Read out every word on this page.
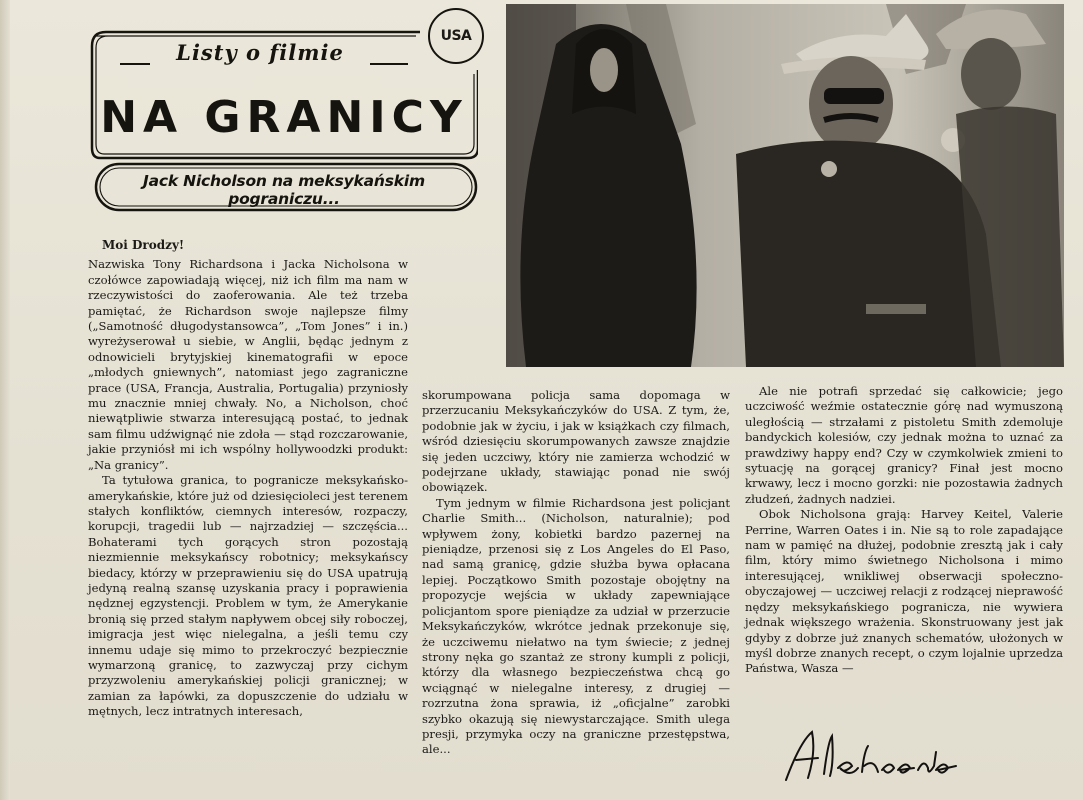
Listy o filmie
USA
NA GRANICY
Jack Nicholson na meksykańskim pograniczu...
Moi Drodzy!

Nazwiska Tony Richardsona i Jacka Nicholsona w czołówce zapowiadają więcej, niż ich film ma nam w rzeczywistości do zaoferowania. Ale też trzeba pamiętać, że Richardson swoje najlepsze filmy („Samotność długodystansowca”, „Tom Jones” i in.) wyreżyserował u siebie, w Anglii, będąc jednym z odnowicieli brytyjskiej kinematografii w epoce „młodych gniewnych”, natomiast jego zagraniczne prace (USA, Francja, Australia, Portugalia) przyniosły mu znacznie mniej chwały. No, a Nicholson, choć niewątpliwie stwarza interesującą postać, to jednak sam filmu udźwignąć nie zdoła — stąd rozczarowanie, jakie przyniósł mi ich wspólny hollywoodzki produkt: „Na granicy”.

Ta tytułowa granica, to pogranicze meksykańsko-amerykańskie, które już od dziesięcioleci jest terenem stałych konfliktów, ciemnych interesów, rozpaczy, korupcji, tragedii lub — najrzadziej — szczęścia... Bohaterami tych gorących stron pozostają niezmiennie meksykańscy robotnicy; meksykańscy biedacy, którzy w przeprawieniu się do USA upatrują jedyną realną szansę uzyskania pracy i poprawienia nędznej egzystencji. Problem w tym, że Amerykanie bronią się przed stałym napływem obcej siły roboczej, imigracja jest więc nielegalna, a jeśli temu czy innemu udaje się mimo to przekroczyć bezpiecznie wymarzoną granicę, to zazwyczaj przy cichym przyzwoleniu amerykańskiej policji granicznej; w zamian za łapówki, za dopuszczenie do udziału w mętnych, lecz intratnych interesach,

skorumpowana policja sama dopomaga w przerzucaniu Meksykańczyków do USA. Z tym, że, podobnie jak w życiu, i jak w książkach czy filmach, wśród dziesięciu skorumpowanych zawsze znajdzie się jeden uczciwy, który nie zamierza wchodzić w podejrzane układy, stawiając ponad nie swój obowiązek.

Tym jednym w filmie Richardsona jest policjant Charlie Smith... (Nicholson, naturalnie); pod wpływem żony, kobietki bardzo pazernej na pieniądze, przenosi się z Los Angeles do El Paso, nad samą granicę, gdzie służba bywa opłacana lepiej. Początkowo Smith pozostaje obojętny na propozycje wejścia w układy zapewniające policjantom spore pieniądze za udział w przerzucie Meksykańczyków, wkrótce jednak przekonuje się, że uczciwemu niełatwo na tym świecie; z jednej strony nęka go szantaż ze strony kumpli z policji, którzy dla własnego bezpieczeństwa chcą go wciągnąć w nielegalne interesy, z drugiej — rozrzutna żona sprawia, iż „oficjalne” zarobki szybko okazują się niewystarczające. Smith ulega presji, przymyka oczy na graniczne przestępstwa, ale...

Ale nie potrafi sprzedać się całkowicie; jego uczciwość weźmie ostatecznie górę nad wymuszoną uległością — strzałami z pistoletu Smith zdemoluje bandyckich kolesiów, czy jednak można to uznać za prawdziwy happy end? Czy w czymkolwiek zmieni to sytuację na gorącej granicy? Finał jest mocno krwawy, lecz i mocno gorzki: nie pozostawia żadnych złudzeń, żadnych nadziei.

Obok Nicholsona grają: Harvey Keitel, Valerie Perrine, Warren Oates i in. Nie są to role zapadające nam w pamięć na dłużej, podobnie zresztą jak i cały film, który mimo świetnego Nicholsona i mimo interesującej, wnikliwej obserwacji społeczno-obyczajowej — uczciwej relacji z rodzącej nieprawość nędzy meksykańskiego pogranicza, nie wywiera jednak większego wrażenia. Skonstruowany jest jak gdyby z dobrze już znanych schematów, ułożonych w myśl dobrze znanych recept, o czym lojalnie uprzedza Państwa, Wasza —
